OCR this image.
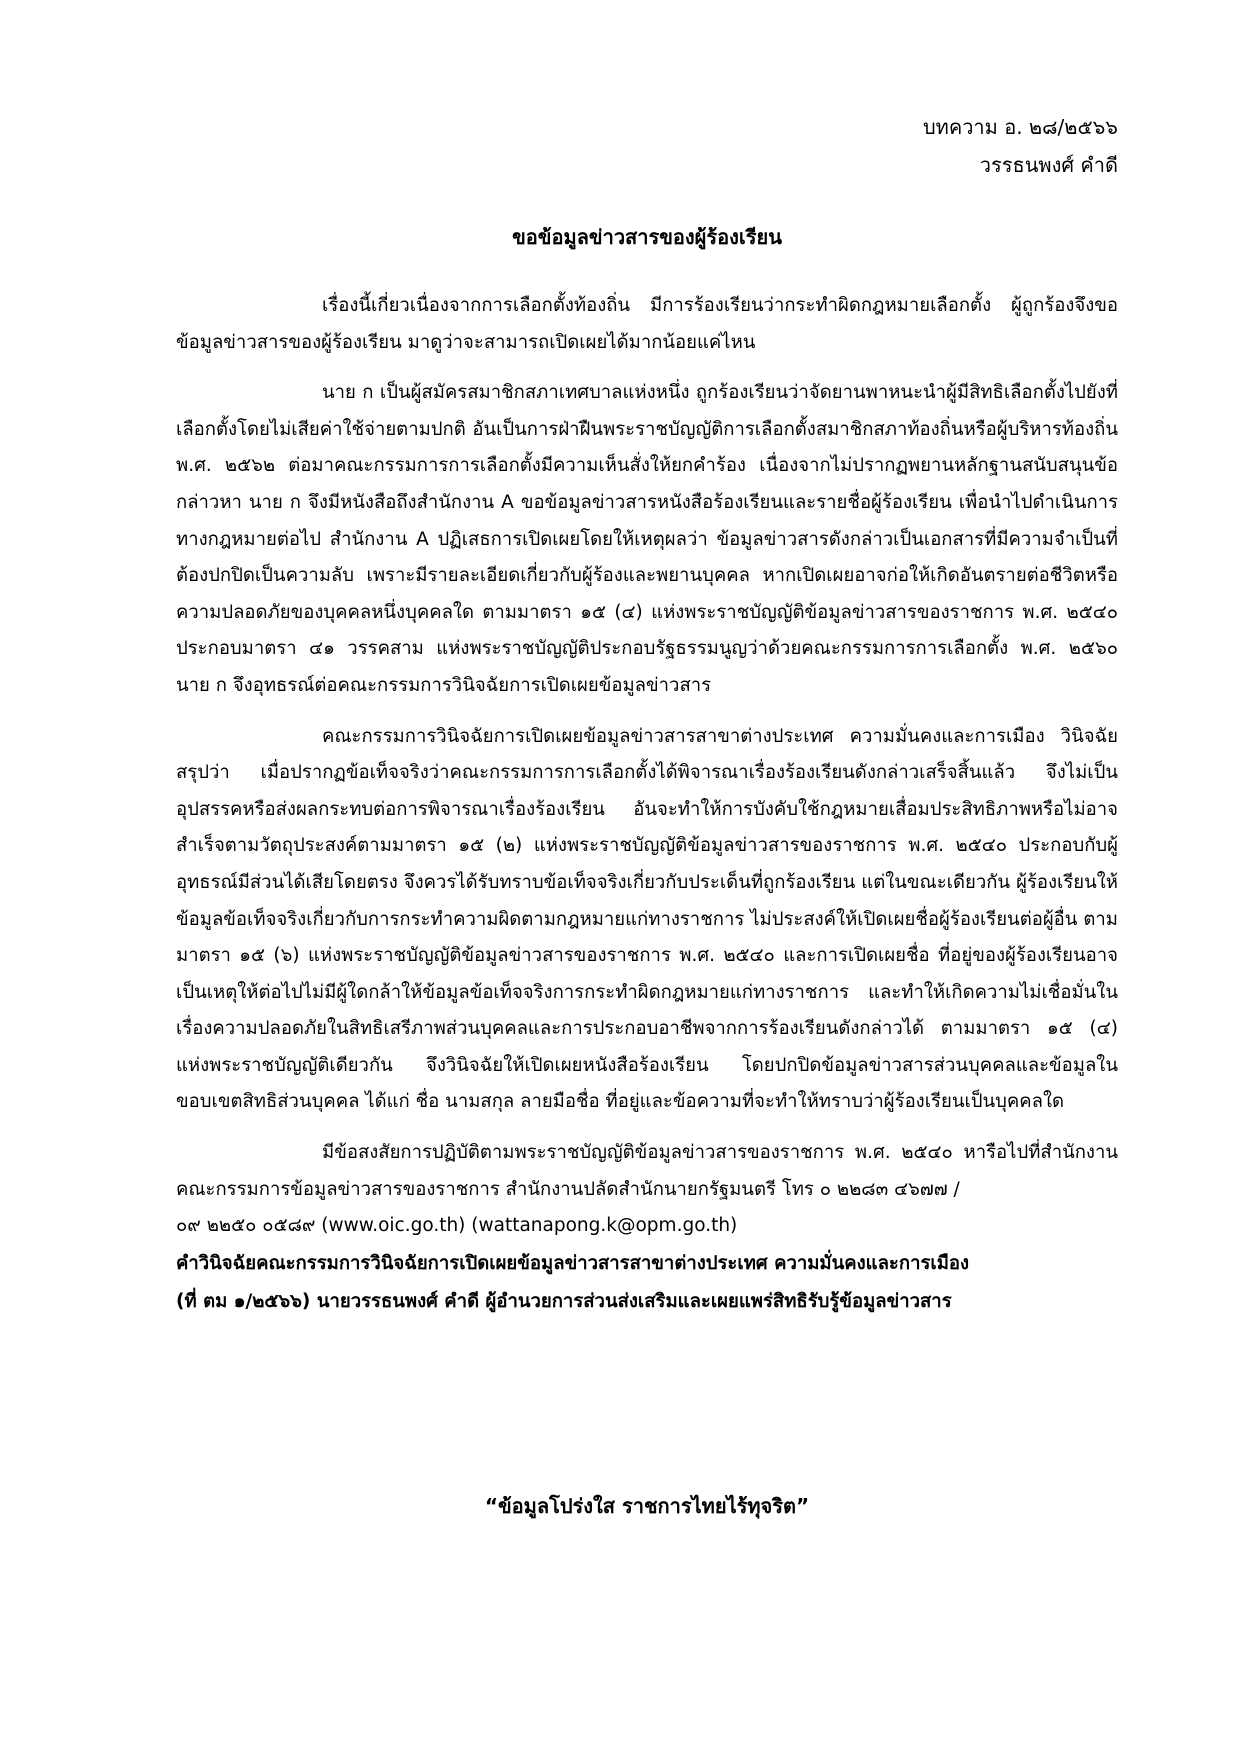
บทความ อ. ๒๘/๒๕๖๖
วรรธนพงศ์ คำดี
ขอข้อมูลข่าวสารของผู้ร้องเรียน

เรื่องนี้เกี่ยวเนื่องจากการเลือกตั้งท้องถิ่น มีการร้องเรียนว่ากระทำผิดกฎหมายเลือกตั้ง ผู้ถูกร้องจึงขอข้อมูลข่าวสารของผู้ร้องเรียน มาดูว่าจะสามารถเปิดเผยได้มากน้อยแค่ไหน

นาย ก เป็นผู้สมัครสมาชิกสภาเทศบาลแห่งหนึ่ง ถูกร้องเรียนว่าจัดยานพาหนะนำผู้มีสิทธิเลือกตั้งไปยังที่เลือกตั้งโดยไม่เสียค่าใช้จ่ายตามปกติ อันเป็นการฝ่าฝืนพระราชบัญญัติการเลือกตั้งสมาชิกสภาท้องถิ่นหรือผู้บริหารท้องถิ่น พ.ศ. ๒๕๖๒ ต่อมาคณะกรรมการการเลือกตั้งมีความเห็นสั่งให้ยกคำร้อง เนื่องจากไม่ปรากฏพยานหลักฐานสนับสนุนข้อกล่าวหา นาย ก จึงมีหนังสือถึงสำนักงาน A ขอข้อมูลข่าวสารหนังสือร้องเรียนและรายชื่อผู้ร้องเรียน เพื่อนำไปดำเนินการทางกฎหมายต่อไป สำนักงาน A ปฏิเสธการเปิดเผยโดยให้เหตุผลว่า ข้อมูลข่าวสารดังกล่าวเป็นเอกสารที่มีความจำเป็นที่ต้องปกปิดเป็นความลับ เพราะมีรายละเอียดเกี่ยวกับผู้ร้องและพยานบุคคล หากเปิดเผยอาจก่อให้เกิดอันตรายต่อชีวิตหรือความปลอดภัยของบุคคลหนึ่งบุคคลใด ตามมาตรา ๑๕ (๔) แห่งพระราชบัญญัติข้อมูลข่าวสารของราชการ พ.ศ. ๒๕๔๐ ประกอบมาตรา ๔๑ วรรคสาม แห่งพระราชบัญญัติประกอบรัฐธรรมนูญว่าด้วยคณะกรรมการการเลือกตั้ง พ.ศ. ๒๕๖๐ นาย ก จึงอุทธรณ์ต่อคณะกรรมการวินิจฉัยการเปิดเผยข้อมูลข่าวสาร

คณะกรรมการวินิจฉัยการเปิดเผยข้อมูลข่าวสารสาขาต่างประเทศ ความมั่นคงและการเมือง วินิจฉัยสรุปว่า เมื่อปรากฏข้อเท็จจริงว่าคณะกรรมการการเลือกตั้งได้พิจารณาเรื่องร้องเรียนดังกล่าวเสร็จสิ้นแล้ว จึงไม่เป็นอุปสรรคหรือส่งผลกระทบต่อการพิจารณาเรื่องร้องเรียน อันจะทำให้การบังคับใช้กฎหมายเสื่อมประสิทธิภาพหรือไม่อาจสำเร็จตามวัตถุประสงค์ตามมาตรา ๑๕ (๒) แห่งพระราชบัญญัติข้อมูลข่าวสารของราชการ พ.ศ. ๒๕๔๐ ประกอบกับผู้อุทธรณ์มีส่วนได้เสียโดยตรง จึงควรได้รับทราบข้อเท็จจริงเกี่ยวกับประเด็นที่ถูกร้องเรียน แต่ในขณะเดียวกัน ผู้ร้องเรียนให้ข้อมูลข้อเท็จจริงเกี่ยวกับการกระทำความผิดตามกฎหมายแก่ทางราชการ ไม่ประสงค์ให้เปิดเผยชื่อผู้ร้องเรียนต่อผู้อื่น ตามมาตรา ๑๕ (๖) แห่งพระราชบัญญัติข้อมูลข่าวสารของราชการ พ.ศ. ๒๕๔๐ และการเปิดเผยชื่อ ที่อยู่ของผู้ร้องเรียนอาจเป็นเหตุให้ต่อไปไม่มีผู้ใดกล้าให้ข้อมูลข้อเท็จจริงการกระทำผิดกฎหมายแก่ทางราชการ และทำให้เกิดความไม่เชื่อมั่นในเรื่องความปลอดภัยในสิทธิเสรีภาพส่วนบุคคลและการประกอบอาชีพจากการร้องเรียนดังกล่าวได้ ตามมาตรา ๑๕ (๔) แห่งพระราชบัญญัติเดียวกัน จึงวินิจฉัยให้เปิดเผยหนังสือร้องเรียน โดยปกปิดข้อมูลข่าวสารส่วนบุคคลและข้อมูลในขอบเขตสิทธิส่วนบุคคล ได้แก่ ชื่อ นามสกุล ลายมือชื่อ ที่อยู่และข้อความที่จะทำให้ทราบว่าผู้ร้องเรียนเป็นบุคคลใด

มีข้อสงสัยการปฏิบัติตามพระราชบัญญัติข้อมูลข่าวสารของราชการ พ.ศ. ๒๕๔๐ หารือไปที่สำนักงานคณะกรรมการข้อมูลข่าวสารของราชการ สำนักงานปลัดสำนักนายกรัฐมนตรี โทร ๐ ๒๒๘๓ ๔๖๗๗ /

๐๙ ๒๒๕๐ ๐๕๘๙ (www.oic.go.th) (wattanapong.k@opm.go.th)

คำวินิจฉัยคณะกรรมการวินิจฉัยการเปิดเผยข้อมูลข่าวสารสาขาต่างประเทศ ความมั่นคงและการเมือง

(ที่ ตม ๑/๒๕๖๖) นายวรรธนพงศ์ คำดี ผู้อำนวยการส่วนส่งเสริมและเผยแพร่สิทธิรับรู้ข้อมูลข่าวสาร

“ข้อมูลโปร่งใส ราชการไทยไร้ทุจริต”
